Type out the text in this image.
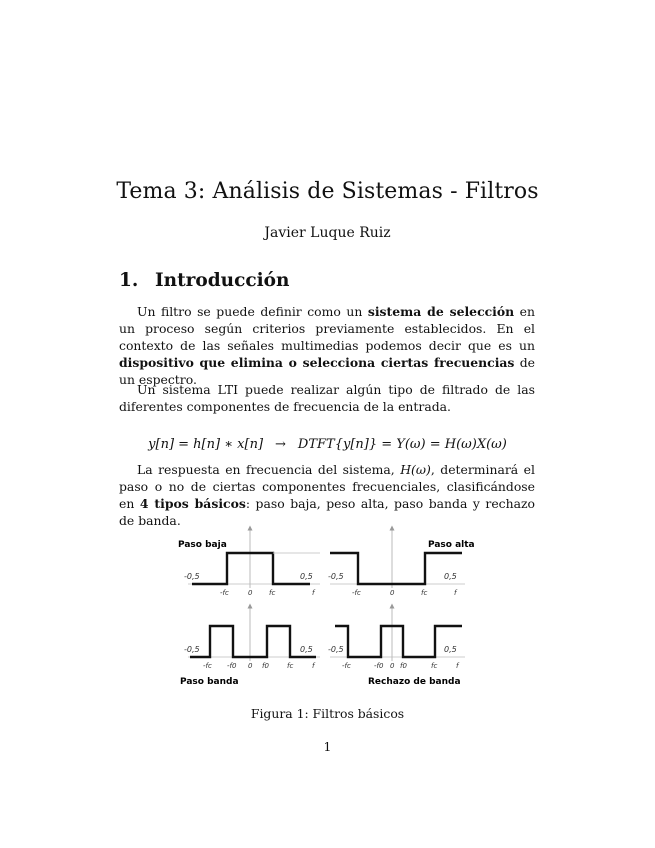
Tema 3: Análisis de Sistemas - Filtros
Javier Luque Ruiz
1. Introducción
Un filtro se puede definir como un sistema de selección en un proceso según criterios previamente establecidos. En el contexto de las señales multimedias podemos decir que es un dispositivo que elimina o selecciona ciertas frecuencias de un espectro.
Un sistema LTI puede realizar algún tipo de filtrado de las diferentes componentes de frecuencia de la entrada.
y[n] = h[n] ∗ x[n] → DTFT{y[n]} = Y(ω) = H(ω)X(ω)
La respuesta en frecuencia del sistema, H(ω), determinará el paso o no de ciertas componentes frecuenciales, clasificándose en 4 tipos básicos: paso baja, peso alta, paso banda y rechazo de banda.
Paso baja
-0,5	0,5
-fc	0 fc	f
Paso alta
-0,5	0,5
-fc	0	fc	f
-0,5	0,5
-fc -f0 0 f0	fc	f
Paso banda
-0,5	0,5
-fc	-f0 0 f0	fc	f
Rechazo de banda
Figura 1: Filtros básicos
1
